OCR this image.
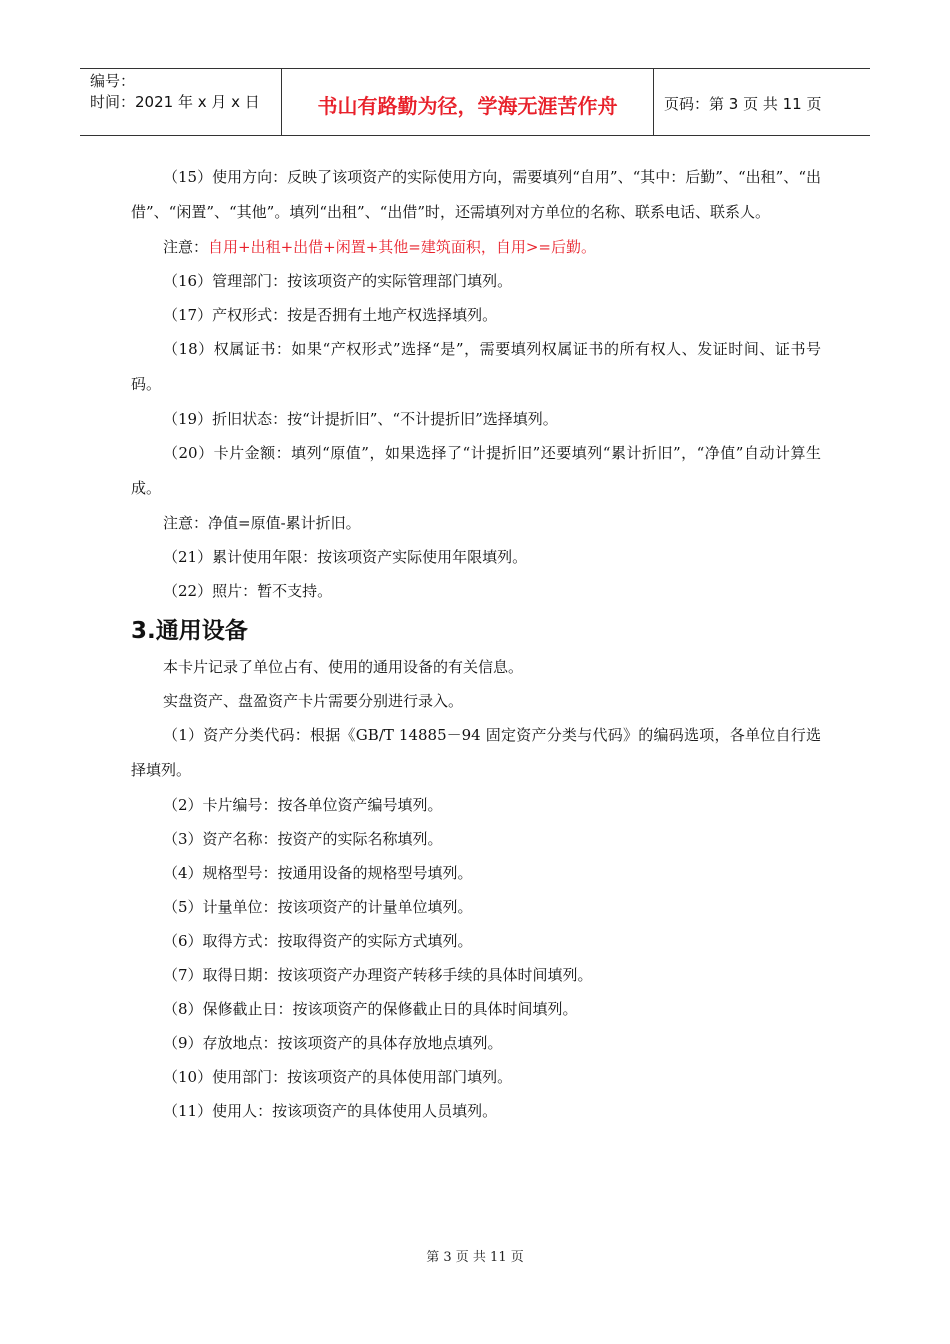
编号：
时间：2021 年 x 月 x 日	书山有路勤为径，学海无涯苦作舟	页码：第 3 页 共 11 页

（15）使用方向：反映了该项资产的实际使用方向，需要填列“自用”、“其中：后勤”、“出租”、“出借”、“闲置”、“其他”。填列“出租”、“出借”时，还需填列对方单位的名称、联系电话、联系人。

注意：自用+出租+出借+闲置+其他=建筑面积，自用>=后勤。

（16）管理部门：按该项资产的实际管理部门填列。

（17）产权形式：按是否拥有土地产权选择填列。

（18）权属证书：如果“产权形式”选择“是”，需要填列权属证书的所有权人、发证时间、证书号码。

（19）折旧状态：按“计提折旧”、“不计提折旧”选择填列。

（20）卡片金额：填列“原值”，如果选择了“计提折旧”还要填列“累计折旧”，“净值”自动计算生成。

注意：净值=原值-累计折旧。

（21）累计使用年限：按该项资产实际使用年限填列。

（22）照片：暂不支持。

3.通用设备

本卡片记录了单位占有、使用的通用设备的有关信息。

实盘资产、盘盈资产卡片需要分别进行录入。

（1）资产分类代码：根据《GB/T 14885－94 固定资产分类与代码》的编码选项，各单位自行选择填列。

（2）卡片编号：按各单位资产编号填列。

（3）资产名称：按资产的实际名称填列。

（4）规格型号：按通用设备的规格型号填列。

（5）计量单位：按该项资产的计量单位填列。

（6）取得方式：按取得资产的实际方式填列。

（7）取得日期：按该项资产办理资产转移手续的具体时间填列。

（8）保修截止日：按该项资产的保修截止日的具体时间填列。

（9）存放地点：按该项资产的具体存放地点填列。

（10）使用部门：按该项资产的具体使用部门填列。

（11）使用人：按该项资产的具体使用人员填列。

第 3 页 共 11 页
